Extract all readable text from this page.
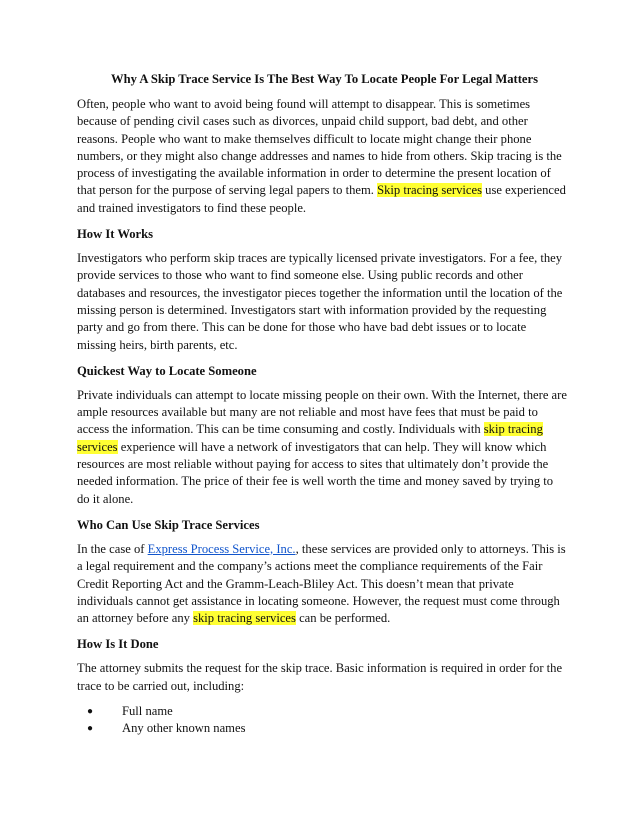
Why A Skip Trace Service Is The Best Way To Locate People For Legal Matters

Often, people who want to avoid being found will attempt to disappear. This is sometimes because of pending civil cases such as divorces, unpaid child support, bad debt, and other reasons. People who want to make themselves difficult to locate might change their phone numbers, or they might also change addresses and names to hide from others. Skip tracing is the process of investigating the available information in order to determine the present location of that person for the purpose of serving legal papers to them. Skip tracing services use experienced and trained investigators to find these people.

How It Works

Investigators who perform skip traces are typically licensed private investigators. For a fee, they provide services to those who want to find someone else. Using public records and other databases and resources, the investigator pieces together the information until the location of the missing person is determined. Investigators start with information provided by the requesting party and go from there. This can be done for those who have bad debt issues or to locate missing heirs, birth parents, etc.

Quickest Way to Locate Someone

Private individuals can attempt to locate missing people on their own. With the Internet, there are ample resources available but many are not reliable and most have fees that must be paid to access the information. This can be time consuming and costly. Individuals with skip tracing services experience will have a network of investigators that can help. They will know which resources are most reliable without paying for access to sites that ultimately don’t provide the needed information. The price of their fee is well worth the time and money saved by trying to do it alone.

Who Can Use Skip Trace Services

In the case of Express Process Service, Inc., these services are provided only to attorneys. This is a legal requirement and the company’s actions meet the compliance requirements of the Fair Credit Reporting Act and the Gramm-Leach-Bliley Act. This doesn’t mean that private individuals cannot get assistance in locating someone. However, the request must come through an attorney before any skip tracing services can be performed.

How Is It Done

The attorney submits the request for the skip trace. Basic information is required in order for the trace to be carried out, including:

● Full name
● Any other known names
